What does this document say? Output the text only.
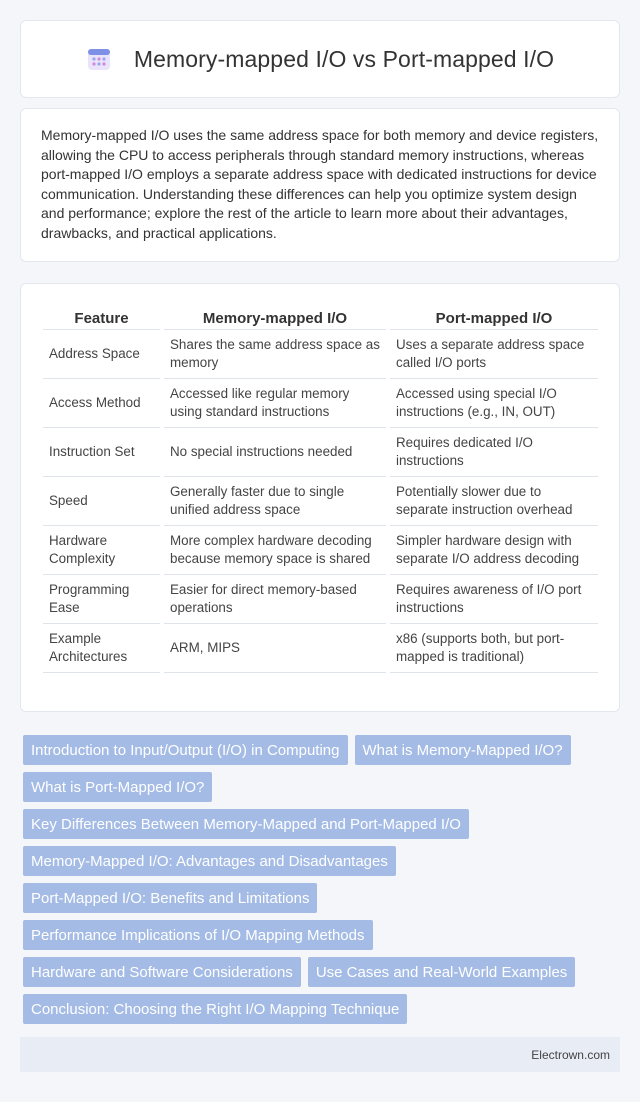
Memory-mapped I/O vs Port-mapped I/O

Memory-mapped I/O uses the same address space for both memory and device registers, allowing the CPU to access peripherals through standard memory instructions, whereas port-mapped I/O employs a separate address space with dedicated instructions for device communication. Understanding these differences can help you optimize system design and performance; explore the rest of the article to learn more about their advantages, drawbacks, and practical applications.

Feature	Memory-mapped I/O	Port-mapped I/O
Address Space	Shares the same address space as memory	Uses a separate address space called I/O ports
Access Method	Accessed like regular memory using standard instructions	Accessed using special I/O instructions (e.g., IN, OUT)
Instruction Set	No special instructions needed	Requires dedicated I/O instructions
Speed	Generally faster due to single unified address space	Potentially slower due to separate instruction overhead
Hardware Complexity	More complex hardware decoding because memory space is shared	Simpler hardware design with separate I/O address decoding
Programming Ease	Easier for direct memory-based operations	Requires awareness of I/O port instructions
Example Architectures	ARM, MIPS	x86 (supports both, but port-mapped is traditional)
Introduction to Input/Output (I/O) in Computing	What is Memory-Mapped I/O?
What is Port-Mapped I/O?
Key Differences Between Memory-Mapped and Port-Mapped I/O
Memory-Mapped I/O: Advantages and Disadvantages
Port-Mapped I/O: Benefits and Limitations
Performance Implications of I/O Mapping Methods
Hardware and Software Considerations	Use Cases and Real-World Examples
Conclusion: Choosing the Right I/O Mapping Technique
Electrown.com
